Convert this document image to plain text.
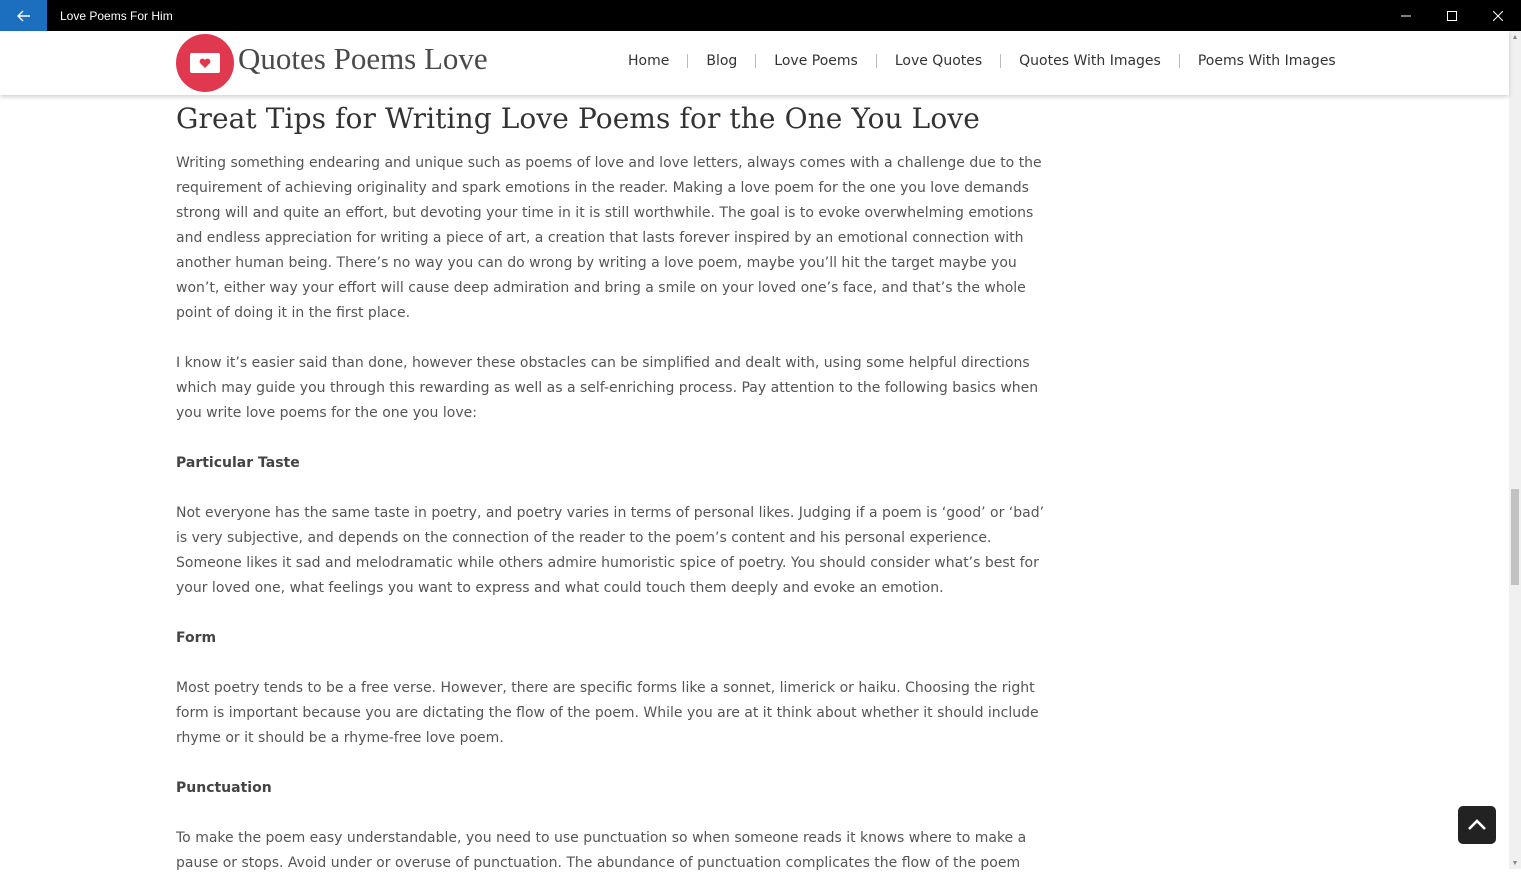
Love Poems For Him
Quotes Poems Love	Home	Blog	Love Poems	Love Quotes	Quotes With Images	Poems With Images
Great Tips for Writing Love Poems for the One You Love

Writing something endearing and unique such as poems of love and love letters, always comes with a challenge due to the requirement of achieving originality and spark emotions in the reader. Making a love poem for the one you love demands strong will and quite an effort, but devoting your time in it is still worthwhile. The goal is to evoke overwhelming emotions and endless appreciation for writing a piece of art, a creation that lasts forever inspired by an emotional connection with another human being. There’s no way you can do wrong by writing a love poem, maybe you’ll hit the target maybe you won’t, either way your effort will cause deep admiration and bring a smile on your loved one’s face, and that’s the whole point of doing it in the first place.

I know it’s easier said than done, however these obstacles can be simplified and dealt with, using some helpful directions which may guide you through this rewarding as well as a self-enriching process. Pay attention to the following basics when you write love poems for the one you love:

Particular Taste

Not everyone has the same taste in poetry, and poetry varies in terms of personal likes. Judging if a poem is ‘good’ or ‘bad’ is very subjective, and depends on the connection of the reader to the poem’s content and his personal experience. Someone likes it sad and melodramatic while others admire humoristic spice of poetry. You should consider what’s best for your loved one, what feelings you want to express and what could touch them deeply and evoke an emotion.

Form

Most poetry tends to be a free verse. However, there are specific forms like a sonnet, limerick or haiku. Choosing the right form is important because you are dictating the flow of the poem. While you are at it think about whether it should include rhyme or it should be a rhyme-free love poem.

Punctuation

To make the poem easy understandable, you need to use punctuation so when someone reads it knows where to make a pause or stops. Avoid under or overuse of punctuation. The abundance of punctuation complicates the flow of the poem

▲
▼
